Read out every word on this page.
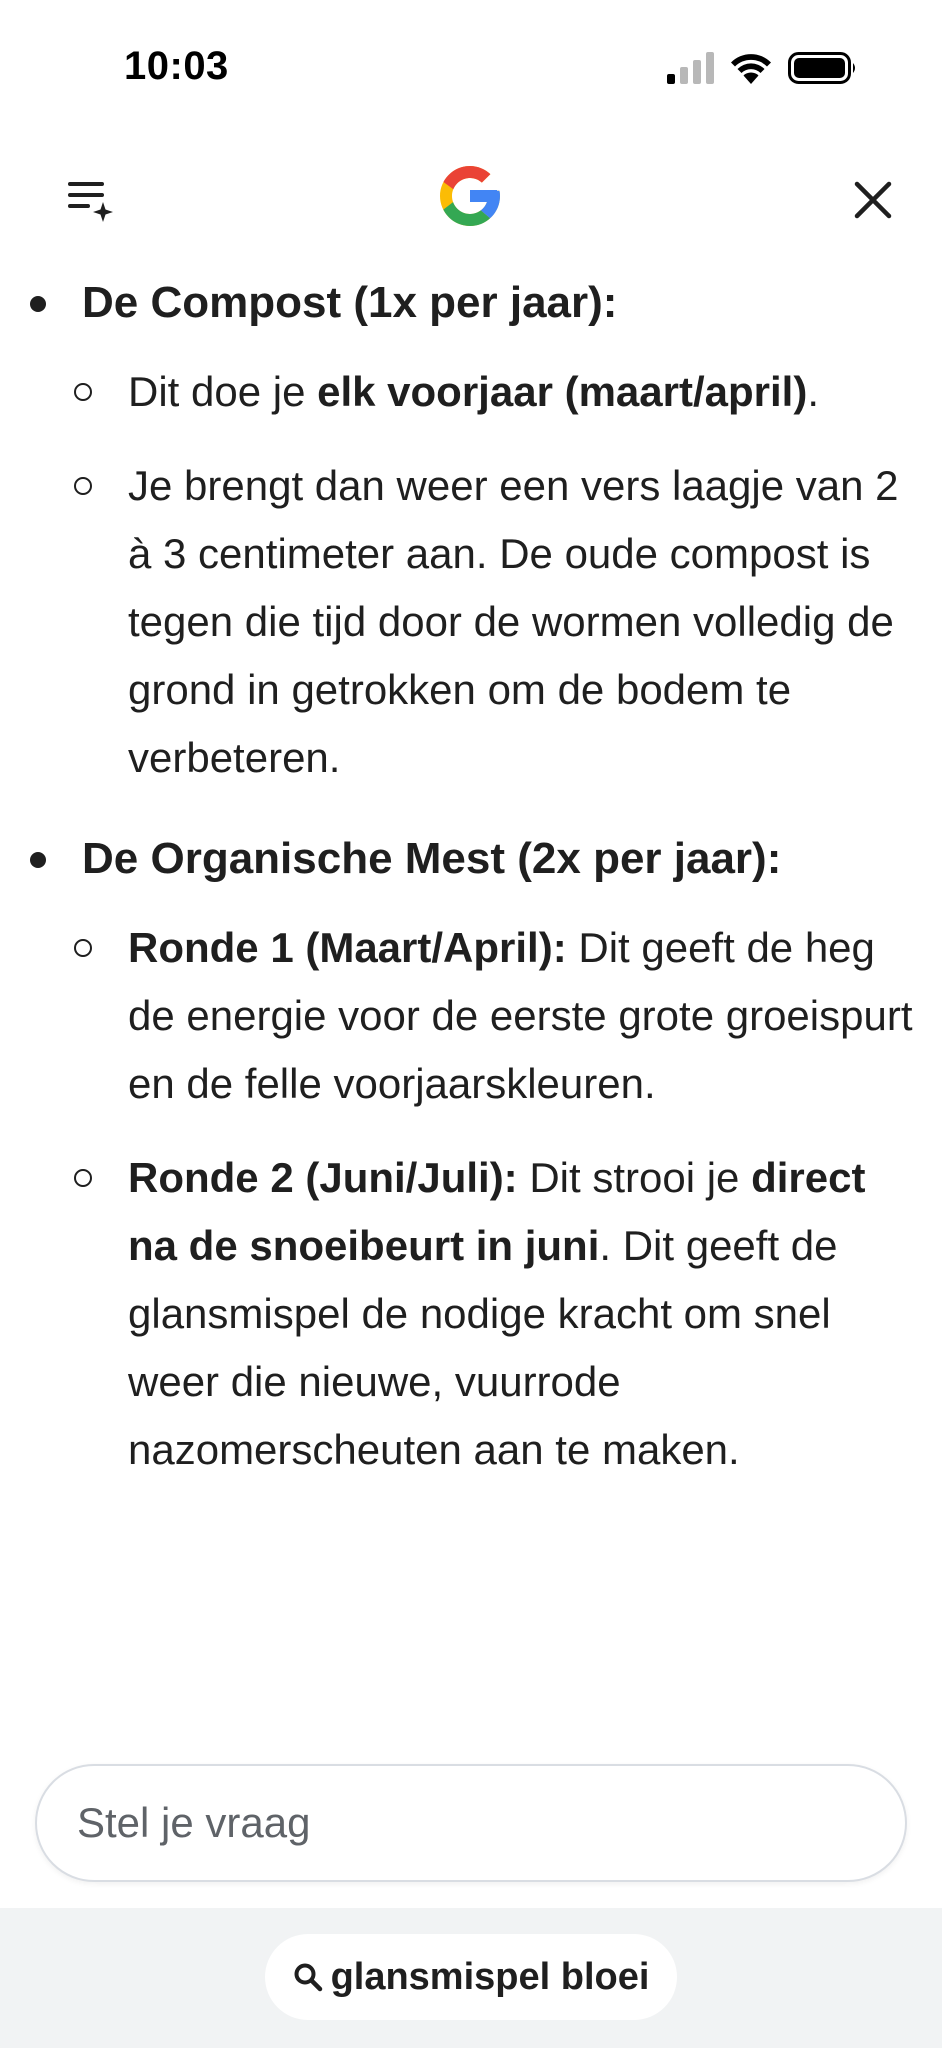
10:03
De Compost (1x per jaar):

Dit doe je elk voorjaar (maart/april).

Je brengt dan weer een vers laagje van 2 à 3 centimeter aan. De oude compost is tegen die tijd door de wormen volledig de grond in getrokken om de bodem te verbeteren.

De Organische Mest (2x per jaar):

Ronde 1 (Maart/April): Dit geeft de heg de energie voor de eerste grote groeispurt en de felle voorjaarskleuren.

Ronde 2 (Juni/Juli): Dit strooi je direct na de snoeibeurt in juni. Dit geeft de glansmispel de nodige kracht om snel weer die nieuwe, vuurrode nazomerscheuten aan te maken.

Stel je vraag
glansmispel bloei
